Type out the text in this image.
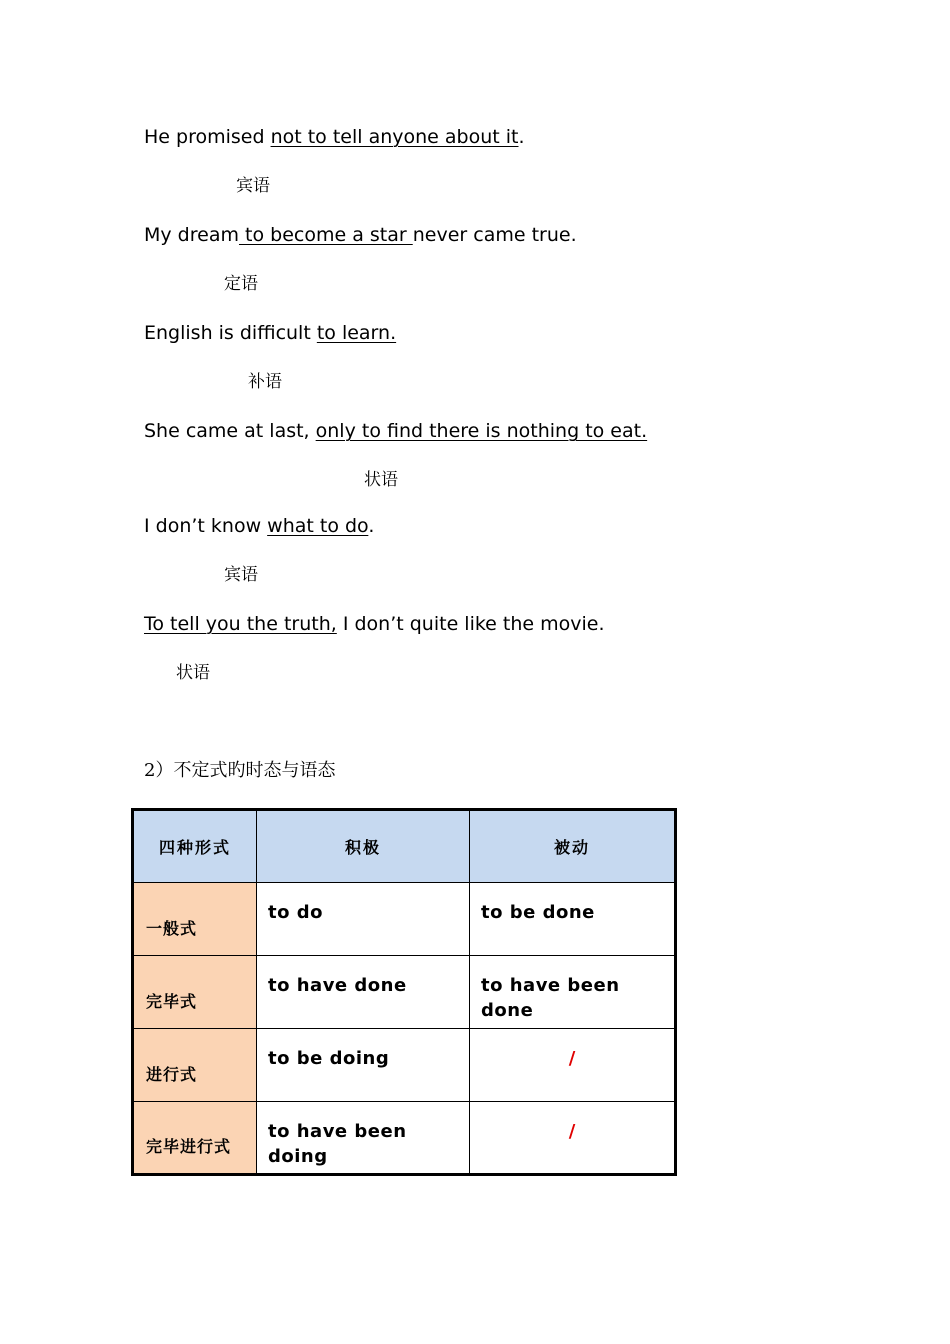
He promised not to tell anyone about it.
宾语
My dream to become a star never came true.
定语
English is difficult to learn.
补语
She came at last, only to find there is nothing to eat.
状语
I don’t know what to do.
宾语
To tell you the truth, I don’t quite like the movie.
状语
2）不定式旳时态与语态
四种形式	积极	被动

一般式	to do	to be done

完毕式	to have done	to have been done

进行式	to be doing	/

完毕进行式	to have been doing	/
